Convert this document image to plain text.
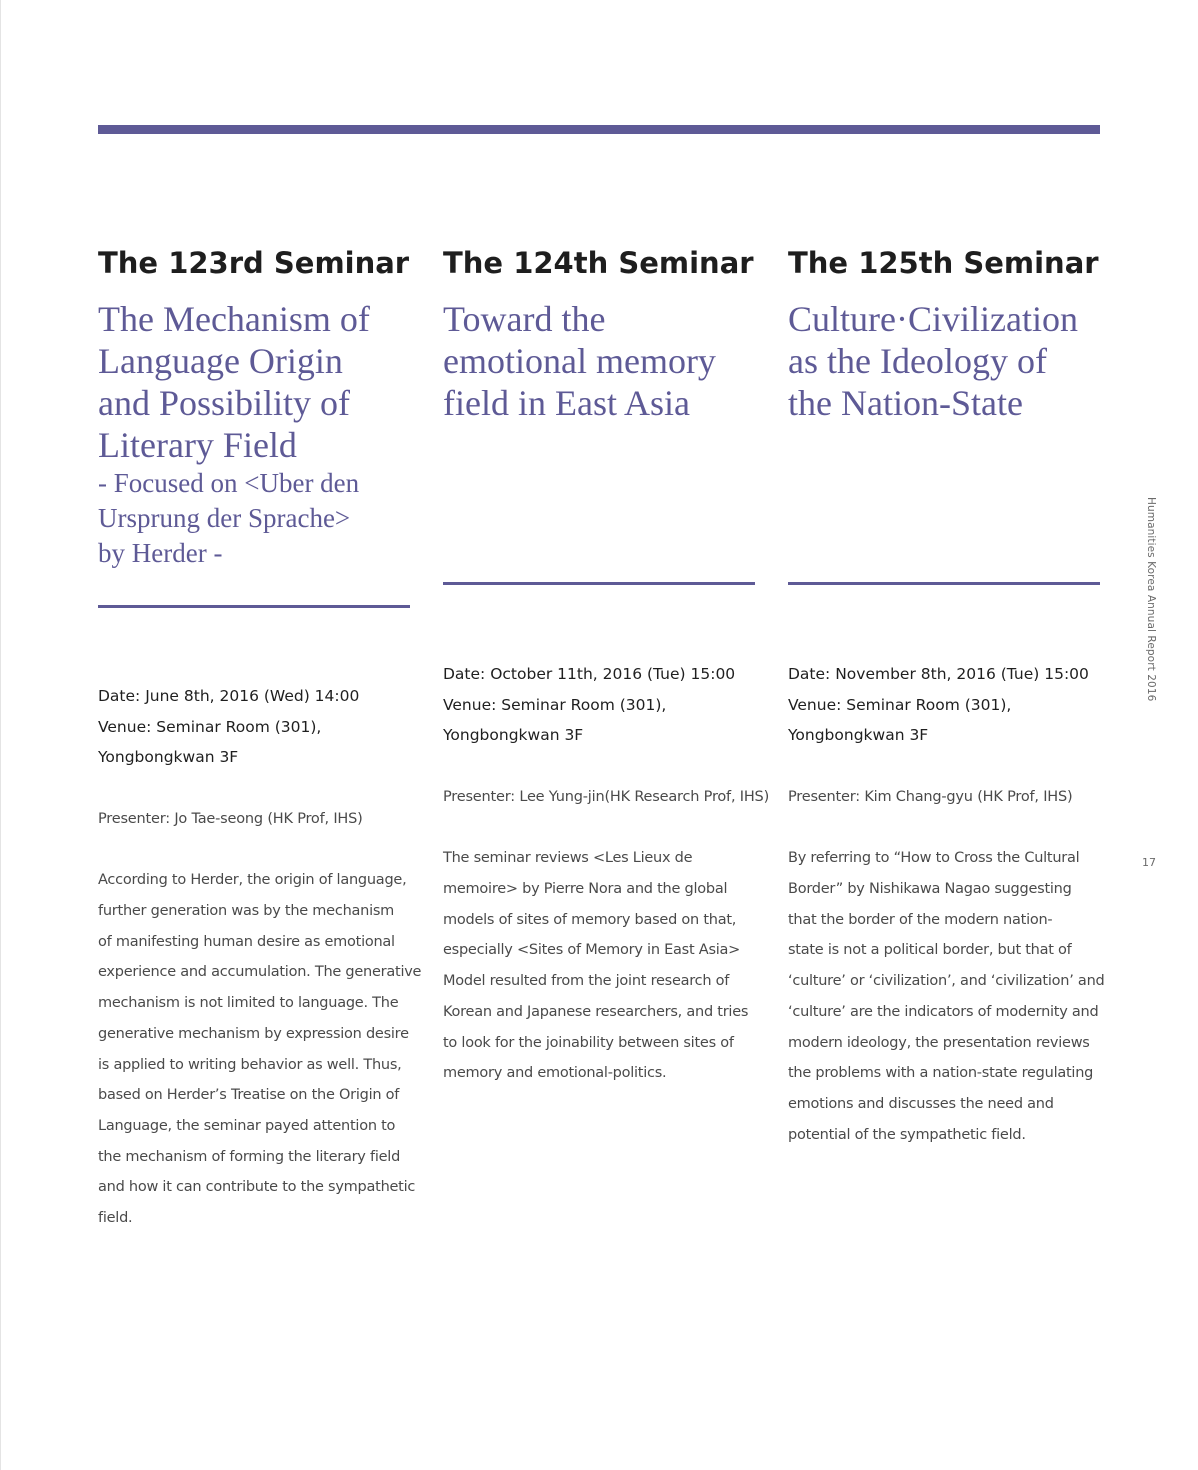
The 123rd Seminar
The Mechanism of
Language Origin
and Possibility of
Literary Field
- Focused on <Uber den
Ursprung der Sprache>
by Herder -
Date: June 8th, 2016 (Wed) 14:00
Venue: Seminar Room (301),
Yongbongkwan 3F
Presenter: Jo Tae-seong (HK Prof, IHS)
According to Herder, the origin of language,
further generation was by the mechanism
of manifesting human desire as emotional
experience and accumulation. The generative
mechanism is not limited to language. The
generative mechanism by expression desire
is applied to writing behavior as well. Thus,
based on Herder’s Treatise on the Origin of
Language, the seminar payed attention to
the mechanism of forming the literary field
and how it can contribute to the sympathetic
field.
The 124th Seminar
Toward the
emotional memory
field in East Asia
Date: October 11th, 2016 (Tue) 15:00
Venue: Seminar Room (301),
Yongbongkwan 3F
Presenter: Lee Yung-jin(HK Research Prof, IHS)
The seminar reviews <Les Lieux de
memoire> by Pierre Nora and the global
models of sites of memory based on that,
especially <Sites of Memory in East Asia>
Model resulted from the joint research of
Korean and Japanese researchers, and tries
to look for the joinability between sites of
memory and emotional-politics.
The 125th Seminar
Culture·Civilization
as the Ideology of
the Nation-State
Date: November 8th, 2016 (Tue) 15:00
Venue: Seminar Room (301),
Yongbongkwan 3F
Presenter: Kim Chang-gyu (HK Prof, IHS)
By referring to “How to Cross the Cultural
Border” by Nishikawa Nagao suggesting
that the border of the modern nation-
state is not a political border, but that of
‘culture’ or ‘civilization’, and ‘civilization’ and
‘culture’ are the indicators of modernity and
modern ideology, the presentation reviews
the problems with a nation-state regulating
emotions and discusses the need and
potential of the sympathetic field.
Humanities Korea Annual Report 2016
17
